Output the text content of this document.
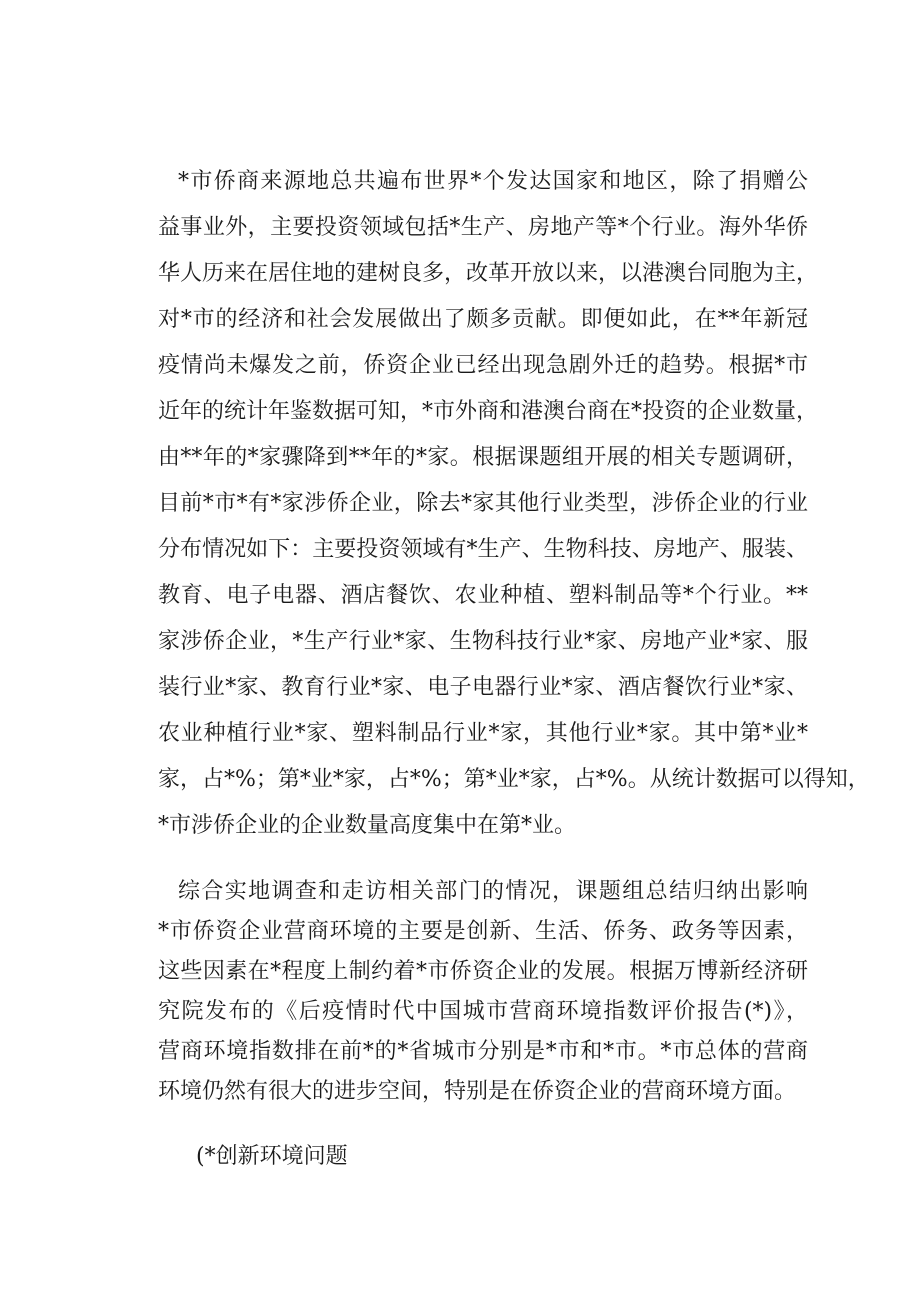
*市侨商来源地总共遍布世界*个发达国家和地区，除了捐赠公
益事业外，主要投资领域包括*生产、房地产等*个行业。海外华侨
华人历来在居住地的建树良多，改革开放以来，以港澳台同胞为主，
对*市的经济和社会发展做出了颇多贡献。即便如此，在**年新冠
疫情尚未爆发之前，侨资企业已经出现急剧外迁的趋势。根据*市
近年的统计年鉴数据可知，*市外商和港澳台商在*投资的企业数量，
由**年的*家骤降到**年的*家。根据课题组开展的相关专题调研，
目前*市*有*家涉侨企业，除去*家其他行业类型，涉侨企业的行业
分布情况如下：主要投资领域有*生产、生物科技、房地产、服装、
教育、电子电器、酒店餐饮、农业种植、塑料制品等*个行业。**
家涉侨企业，*生产行业*家、生物科技行业*家、房地产业*家、服
装行业*家、教育行业*家、电子电器行业*家、酒店餐饮行业*家、
农业种植行业*家、塑料制品行业*家，其他行业*家。其中第*业*
家，占*%；第*业*家，占*%；第*业*家，占*%。从统计数据可以得知，
*市涉侨企业的企业数量高度集中在第*业。
综合实地调查和走访相关部门的情况，课题组总结归纳出影响
*市侨资企业营商环境的主要是创新、生活、侨务、政务等因素，
这些因素在*程度上制约着*市侨资企业的发展。根据万博新经济研
究院发布的《后疫情时代中国城市营商环境指数评价报告(*)》，
营商环境指数排在前*的*省城市分别是*市和*市。*市总体的营商
环境仍然有很大的进步空间，特别是在侨资企业的营商环境方面。
(*创新环境问题
